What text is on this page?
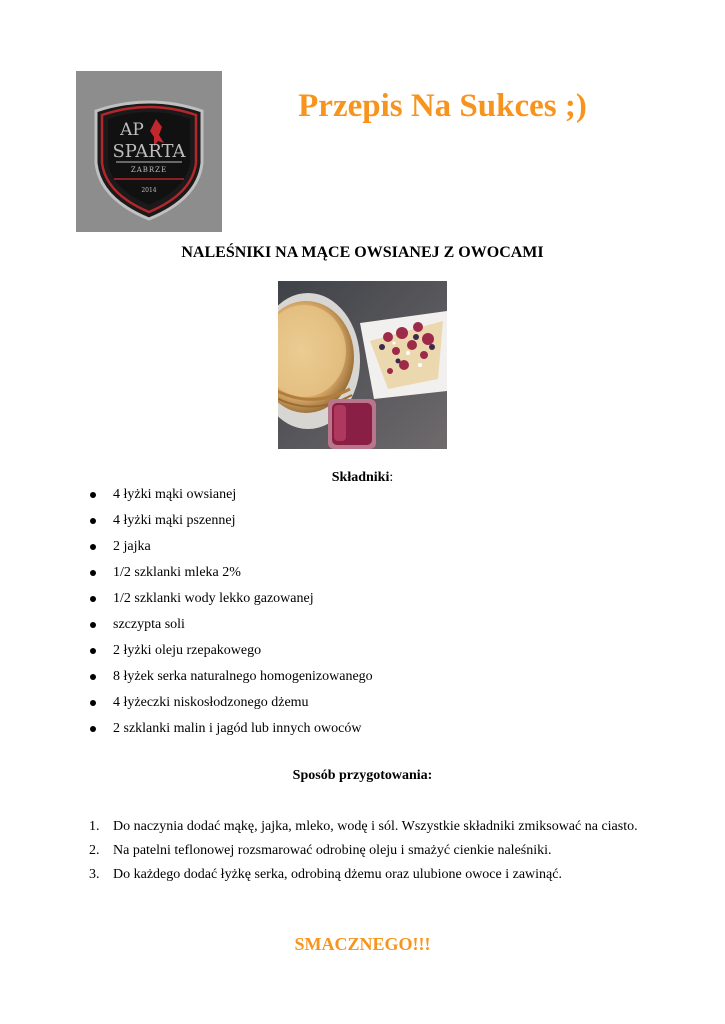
AP
SPARTA
ZABRZE
2014
Przepis Na Sukces ;)
NALEŚNIKI NA MĄCE OWSIANEJ Z OWOCAMI
Składniki:
4 łyżki mąki owsianej
4 łyżki mąki pszennej
2 jajka
1/2 szklanki mleka 2%
1/2 szklanki wody lekko gazowanej
szczypta soli
2 łyżki oleju rzepakowego
8 łyżek serka naturalnego homogenizowanego
4 łyżeczki niskosłodzonego dżemu
2 szklanki malin i jagód lub innych owoców
Sposób przygotowania:
1. Do naczynia dodać mąkę, jajka, mleko, wodę i sól. Wszystkie składniki zmiksować na ciasto.
2. Na patelni teflonowej rozsmarować odrobinę oleju i smażyć cienkie naleśniki.
3. Do każdego dodać łyżkę serka, odrobiną dżemu oraz ulubione owoce i zawinąć.
SMACZNEGO!!!
